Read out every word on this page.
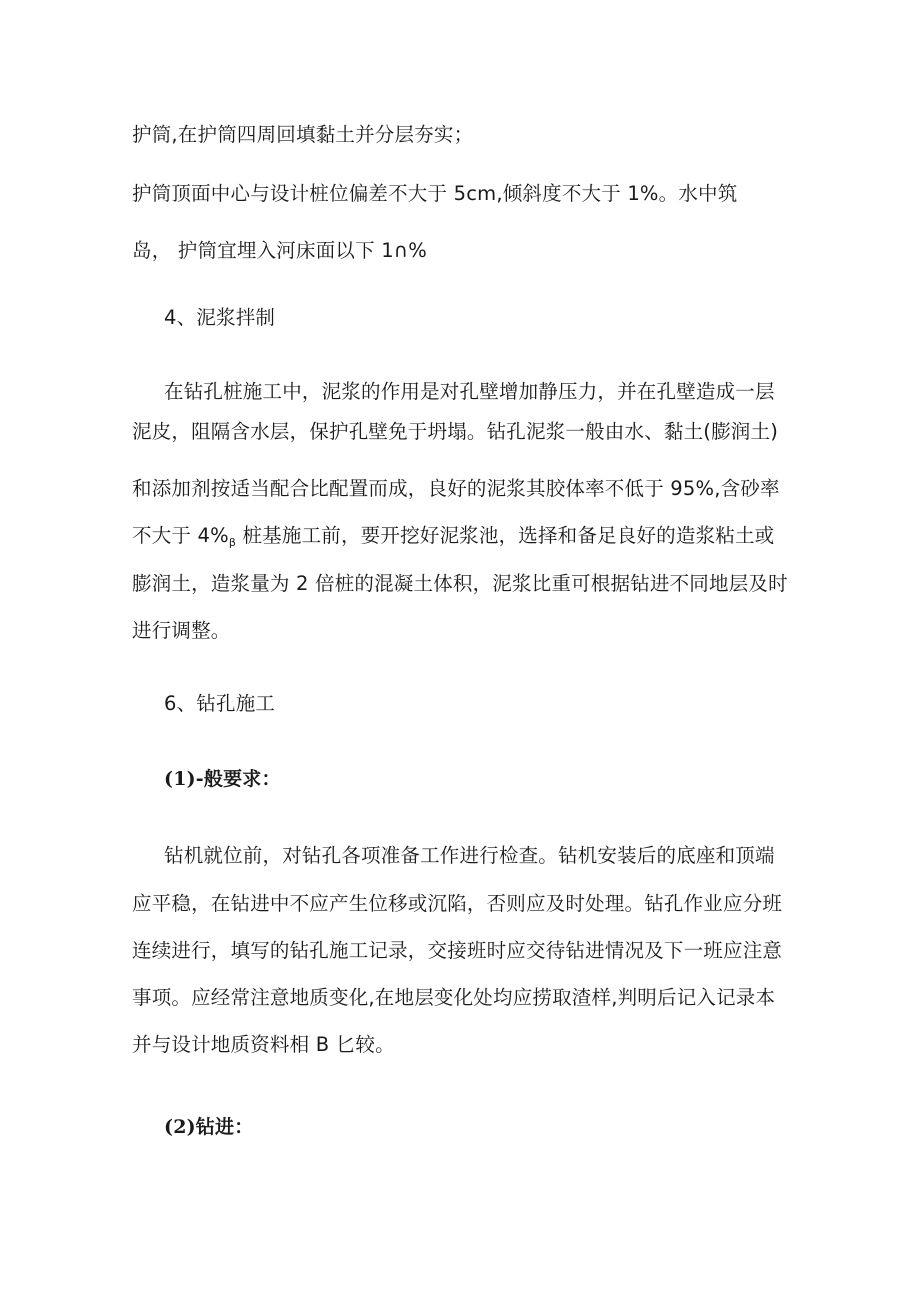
护筒,在护筒四周回填黏土并分层夯实；
护筒顶面中心与设计桩位偏差不大于 5cm,倾斜度不大于 1%。水中筑
岛， 护筒宜埋入河床面以下 1∩%
4、泥浆拌制
在钻孔桩施工中，泥浆的作用是对孔壁增加静压力，并在孔壁造成一层
泥皮，阻隔含水层，保护孔壁免于坍塌。钻孔泥浆一般由水、黏土(膨润土)
和添加剂按适当配合比配置而成，良好的泥浆其胶体率不低于 95%,含砂率
不大于 $4\%_\beta$ 桩基施工前，要开挖好泥浆池，选择和备足良好的造浆粘土或
膨润土，造浆量为 2 倍桩的混凝土体积，泥浆比重可根据钻进不同地层及时
进行调整。
6、钻孔施工
(1)-般要求：
钻机就位前，对钻孔各项准备工作进行检查。钻机安装后的底座和顶端
应平稳，在钻进中不应产生位移或沉陷，否则应及时处理。钻孔作业应分班
连续进行，填写的钻孔施工记录，交接班时应交待钻进情况及下一班应注意
事项。应经常注意地质变化,在地层变化处均应捞取渣样,判明后记入记录本
并与设计地质资料相 B 匕较。
(2)钻进：
